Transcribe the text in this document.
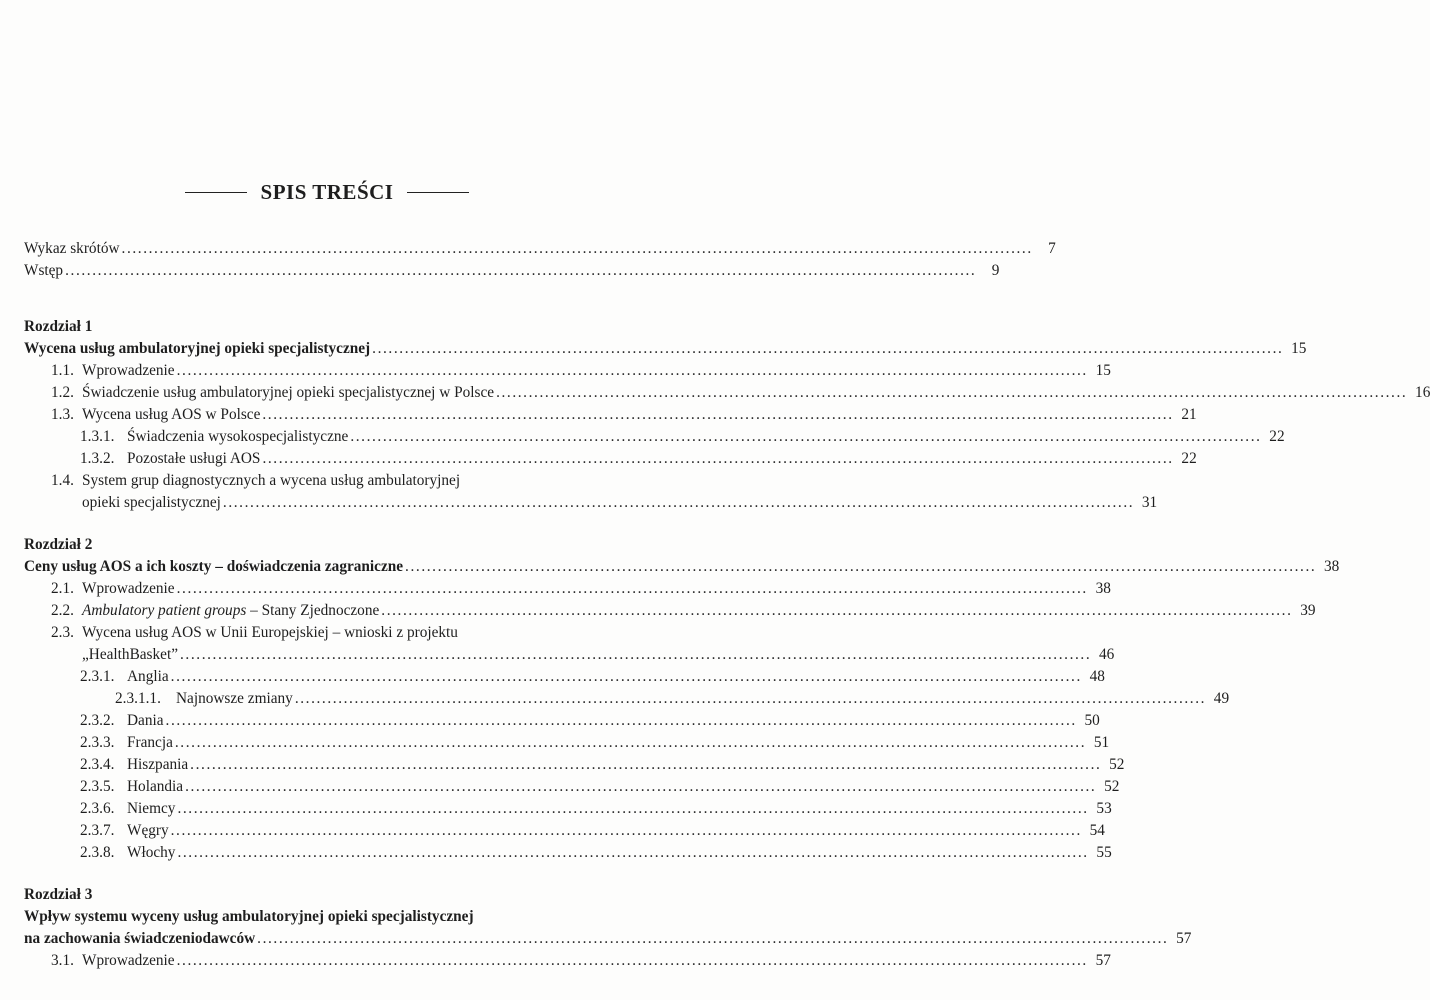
SPIS TREŚCI
Wykaz skrótów .....	7
Wstęp .....	9
Rozdział 1
Wycena usług ambulatoryjnej opieki specjalistycznej .....	15
1.1. Wprowadzenie .....	15
1.2. Świadczenie usług ambulatoryjnej opieki specjalistycznej w Polsce .....	16
1.3. Wycena usług AOS w Polsce .....	21
1.3.1. Świadczenia wysokospecjalistyczne .....	22
1.3.2. Pozostałe usługi AOS .....	22
1.4. System grup diagnostycznych a wycena usług ambulatoryjnej
opieki specjalistycznej .....	31
Rozdział 2
Ceny usług AOS a ich koszty – doświadczenia zagraniczne .....	38
2.1. Wprowadzenie .....	38
2.2. Ambulatory patient groups – Stany Zjednoczone .....	39
2.3. Wycena usług AOS w Unii Europejskiej – wnioski z projektu
„HealthBasket” .....	46
2.3.1. Anglia .....	48
2.3.1.1. Najnowsze zmiany .....	49
2.3.2. Dania .....	50
2.3.3. Francja .....	51
2.3.4. Hiszpania .....	52
2.3.5. Holandia .....	52
2.3.6. Niemcy .....	53
2.3.7. Węgry .....	54
2.3.8. Włochy .....	55
Rozdział 3
Wpływ systemu wyceny usług ambulatoryjnej opieki specjalistycznej
na zachowania świadczeniodawców .....	57
3.1. Wprowadzenie .....	57
